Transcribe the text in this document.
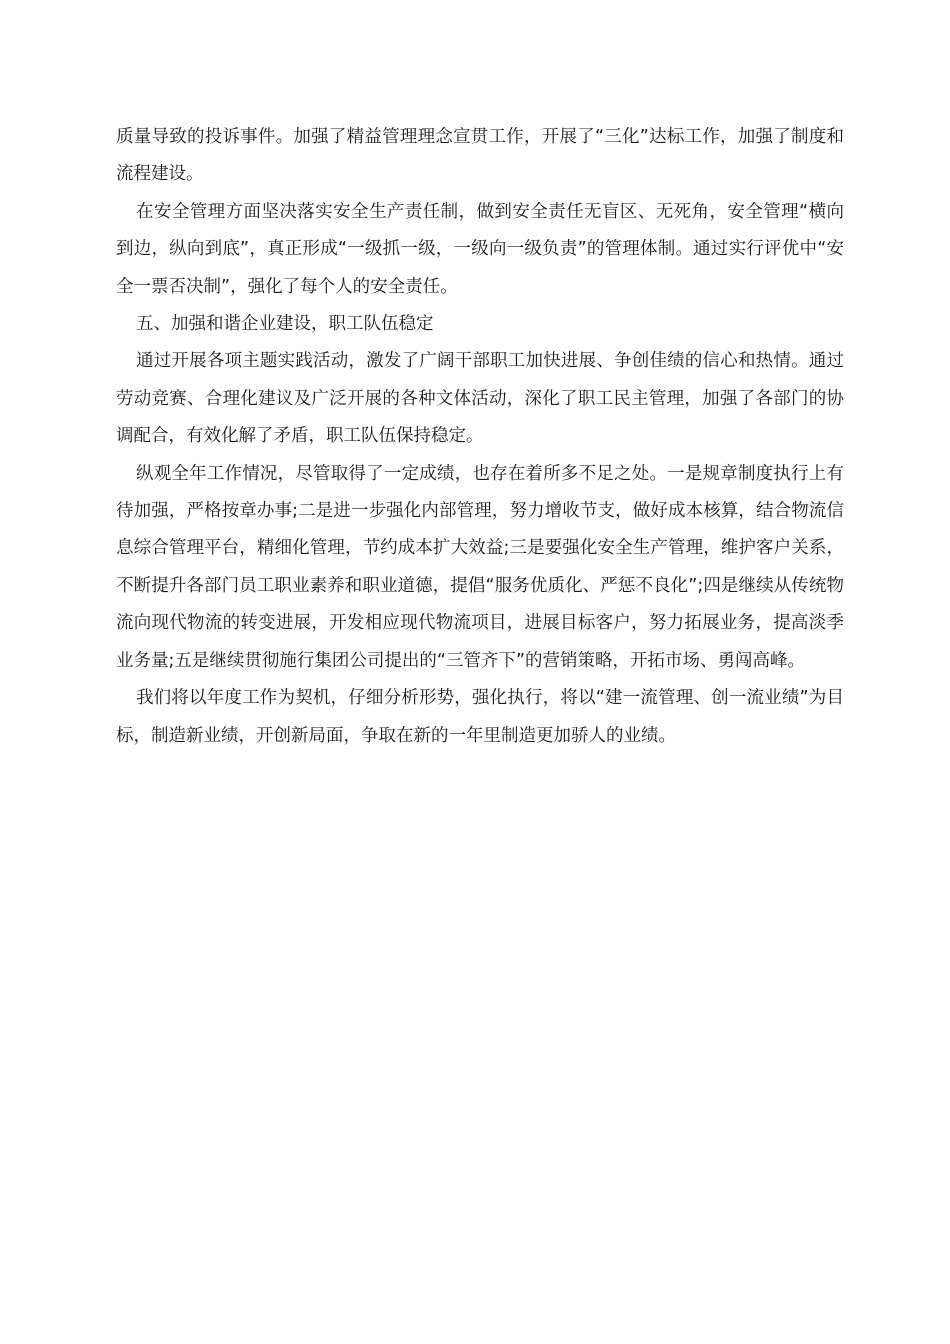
质量导致的投诉事件。加强了精益管理理念宣贯工作，开展了“三化”达标工作，加强了制度和流程建设。

在安全管理方面坚决落实安全生产责任制，做到安全责任无盲区、无死角，安全管理“横向到边，纵向到底”，真正形成“一级抓一级，一级向一级负责”的管理体制。通过实行评优中“安全一票否决制”，强化了每个人的安全责任。

五、加强和谐企业建设，职工队伍稳定

通过开展各项主题实践活动，激发了广阔干部职工加快进展、争创佳绩的信心和热情。通过劳动竞赛、合理化建议及广泛开展的各种文体活动，深化了职工民主管理，加强了各部门的协调配合，有效化解了矛盾，职工队伍保持稳定。

纵观全年工作情况，尽管取得了一定成绩，也存在着所多不足之处。一是规章制度执行上有待加强，严格按章办事;二是进一步强化内部管理，努力增收节支，做好成本核算，结合物流信息综合管理平台，精细化管理，节约成本扩大效益;三是要强化安全生产管理，维护客户关系，不断提升各部门员工职业素养和职业道德，提倡“服务优质化、严惩不良化”;四是继续从传统物流向现代物流的转变进展，开发相应现代物流项目，进展目标客户，努力拓展业务，提高淡季业务量;五是继续贯彻施行集团公司提出的“三管齐下”的营销策略，开拓市场、勇闯高峰。

我们将以年度工作为契机，仔细分析形势，强化执行，将以“建一流管理、创一流业绩”为目标，制造新业绩，开创新局面，争取在新的一年里制造更加骄人的业绩。
